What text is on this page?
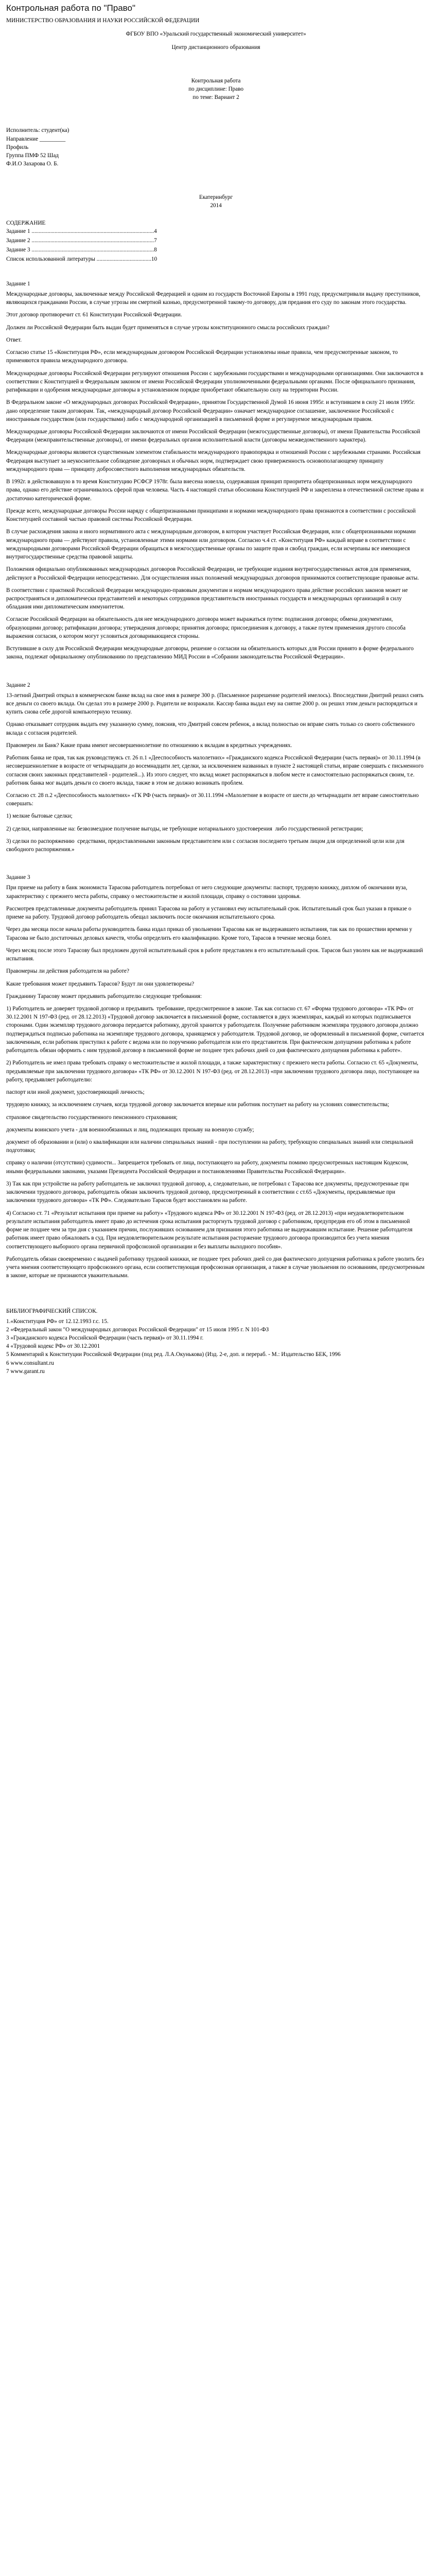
Контрольная работа по "Право"

МИНИСТЕРСТВО ОБРАЗОВАНИЯ И НАУКИ РОССИЙСКОЙ ФЕДЕРАЦИИ

ФГБОУ ВПО «Уральский государственный экономический университет»

Центр дистанционного образования

Контрольная работа

по дисциплине: Право

по теме: Вариант 2

Исполнитель: студент(ка)

Направление _________

Профиль

Группа ПМФ 52 Шад

Ф.И.О Захарова О. Б.

Екатеринбург

2014

СОДЕРЖАНИЕ

Задание 1 .....................................................................................4
Задание 2 .....................................................................................7
Задание 3 .....................................................................................8
Список использованной литературы ......................................10

Задание 1

Международные договоры, заключенные между Российской Федерацией и одним из государств Восточной Европы в 1991 году, предусматривали выдачу преступников, являющихся гражданами России, в случае угрозы им смертной казнью, предусмотренной такому-то договору, для предания его суду по законам этого государства.

Этот договор противоречит ст. 61 Конституции Российской Федерации.

Должен ли Российской Федерации быть выдан будет применяться в случае угрозы конституционного смысла российских граждан?

Ответ.

Согласно статье 15 «Конституция РФ», если международным договором Российской Федерации установлены иные правила, чем предусмотренные законом, то применяются правила международного договора.

Международные договоры Российской Федерации регулируют отношения России с зарубежными государствами и международными организациями. Они заключаются в соответствии с Конституцией и Федеральным законом от имени Российской Федерации уполномоченными федеральными органами. После официального признания, ратификации и одобрения международные договоры в установленном порядке приобретают обязательную силу на территории России.

В Федеральном законе «О международных договорах Российской Федерации», принятом Государственной Думой 16 июня 1995г. и вступившем в силу 21 июля 1995г. дано определение таким договорам. Так, «международный договор Российской Федерации» означает международное соглашение, заключенное Российской с иностранным государством (или государствами) либо с международной организацией в письменной форме и регулируемое международным правом.

Международные договоры Российской Федерации заключаются от имени Российской Федерации (межгосударственные договоры), от имени Правительства Российской Федерации (межправительственные договоры), от имени федеральных органов исполнительной власти (договоры межведомственного характера).

Международные договоры являются существенным элементом стабильности международного правопорядка и отношений России с зарубежными странами. Российская Федерация выступает за неукоснительное соблюдение договорных и обычных норм, подтверждает свою приверженность основополагающему принципу международного права — принципу добросовестного выполнения международных обязательств.

В 1992г. в действовавшую в то время Конституцию РСФСР 1978г. была внесена новелла, содержавшая принцип приоритета общепризнанных норм международного права, однако его действие ограничивалось сферой прав человека. Часть 4 настоящей статьи обоснована Конституцией РФ и закреплена в отечественной системе права и достаточно категорической форме.

Прежде всего, международные договоры России наряду с общепризнанными принципами и нормами международного права признаются в соответствии с российской Конституцией составной частью правовой системы Российской Федерации.

В случае расхождения закона и иного нормативного акта с международным договором, в котором участвует Российская Федерация, или с общепризнанными нормами международного права — действуют правила, установленные этими нормами или договором. Согласно ч.4 ст. «Конституция РФ» каждый вправе в соответствии с международными договорами Российской Федерации обращаться в межгосударственные органы по защите прав и свобод граждан, если исчерпаны все имеющиеся внутригосударственные средства правовой защиты.

Положения официально опубликованных международных договоров Российской Федерации, не требующие издания внутригосударственных актов для применения, действуют в Российской Федерации непосредственно. Для осуществления иных положений международных договоров принимаются соответствующие правовые акты.

В соответствии с практикой Российской Федерации международно-правовым документам и нормам международного права действие российских законов может не распространяться и дипломатически представителей и некоторых сотрудников представительств иностранных государств и международных организаций в силу обладания ими дипломатическим иммунитетом.

Согласие Российской Федерации на обязательность для нее международного договора может выражаться путем: подписания договора; обмена документами, образующими договор; ратификации договора; утверждения договора; принятия договора; присоединения к договору, а также путем применения другого способа выражения согласия, о котором могут условиться договаривающиеся стороны.

Вступившие в силу для Российской Федерации международные договоры, решение о согласии на обязательность которых для России принято в форме федерального закона, подлежат официальному опубликованию по представлению МИД России в «Собрании законодательства Российской Федерации».

Задание 2

13-летний Дмитрий открыл в коммерческом банке вклад на свое имя в размере 300 р. (Письменное разрешение родителей имелось). Впоследствии Дмитрий решил снять все деньги со своего вклада. Он сделал это в размере 2000 р. Родители не возражали. Кассир банка выдал ему на снятие 2000 р. он решил этим деньги распорядиться и купить снова себе дорогой компьютерную технику.

Однако отказывает сотрудник выдать ему указанную сумму, пояснив, что Дмитрий совсем ребенок, а вклад полностью он вправе снять только со своего собственного вклада с согласия родителей.

Правомерен ли Банк? Какие права имеют несовершеннолетние по отношению к вкладам в кредитных учреждениях.

Работник банка не прав, так как руководствуясь ст. 26 п.1 «Дееспособность малолетних» «Гражданского кодекса Российской Федерации (часть первая)» от 30.11.1994 (в несовершеннолетние в возрасте от четырнадцати до восемнадцати лет, сделки, за исключением названных в пункте 2 настоящей статьи, вправе совершать с письменного согласия своих законных представителей - родителей...). Из этого следует, что вклад может распоряжаться в любом месте и самостоятельно распоряжаться своим, т.е. работник банка мог выдать деньги со своего вклада, также в этом не должно возникать проблем.

Согласно ст. 28 п.2 «Дееспособность малолетних» «ГК РФ (часть первая)» от 30.11.1994 «Малолетние в возрасте от шести до четырнадцати лет вправе самостоятельно совершать:

1) мелкие бытовые сделки;

2) сделки, направленные на: безвозмездное получение выгоды, не требующие нотариального удостоверения  либо государственной регистрации;

3) сделки по распоряжению  средствами, предоставленными законным представителем или с согласия последнего третьим лицом для определенной цели или для  свободного распоряжения.»

Задание 3

При приеме на работу в банк экономиста Тарасова работодатель потребовал от него следующие документы: паспорт, трудовую книжку, диплом об окончании вуза, характеристику с прежнего места работы, справку о местожительстве и жилой площади, справку о состоянии здоровья.

Рассмотрев представленные документы работодатель принял Тарасова на работу и установил ему испытательный срок. Испытательный срок был указан в приказе о приеме на работу. Трудовой договор работодатель обещал заключить после окончания испытательного срока.

Через два месяца после начала работы руководитель банка издал приказ об увольнении Тарасова как не выдержавшего испытания, так как по прошествии времени у Тарасова не было достаточных деловых качеств, чтобы определить его квалификацию. Кроме того, Тарасов в течение месяца болел.

Через месяц после этого Тарасову был предложен другой испытательный срок в работе представлен в его испытательный срок. Тарасов был уволен как не выдержавший испытания.

Правомерны ли действия работодателя на работе?

Какие требования может предъявить Тарасов? Будут ли они удовлетворены?

Гражданину Тарасову может предъявить работодателю следующие требования:

1) Работодатель не доверяет трудовой договор и предъявить  требование, предусмотренное в законе. Так как согласно ст. 67 «Форма трудового договора» «ТК РФ» от 30.12.2001 N 197-ФЗ (ред. от 28.12.2013) «Трудовой договор заключается в письменной форме, составляется в двух экземплярах, каждый из которых подписывается сторонами. Один экземпляр трудового договора передается работнику, другой хранится у работодателя. Получение работником экземпляра трудового договора должно подтверждаться подписью работника на экземпляре трудового договора, хранящемся у работодателя. Трудовой договор, не оформленный в письменной форме, считается заключенным, если работник приступил к работе с ведома или по поручению работодателя или его представителя. При фактическом допущении работника к работе работодатель обязан оформить с ним трудовой договор в письменной форме не позднее трех рабочих дней со дня фактического допущения работника к работе».

2) Работодатель не имел права требовать справку о местожительстве и жилой площади, а также характеристику с прежнего места работы. Согласно ст. 65 «Документы, предъявляемые при заключении трудового договора» «ТК РФ» от 30.12.2001 N 197-ФЗ (ред. от 28.12.2013) «при заключении трудового договора лицо, поступающее на работу, предъявляет работодателю:

паспорт или иной документ, удостоверяющий личность;

трудовую книжку, за исключением случаев, когда трудовой договор заключается впервые или работник поступает на работу на условиях совместительства;

страховое свидетельство государственного пенсионного страхования;

документы воинского учета - для военнообязанных и лиц, подлежащих призыву на военную службу;

документ об образовании и (или) о квалификации или наличии специальных знаний - при поступлении на работу, требующую специальных знаний или специальной подготовки;

справку о наличии (отсутствии) судимости... Запрещается требовать от лица, поступающего на работу, документы помимо предусмотренных настоящим Кодексом, иными федеральными законами, указами Президента Российской Федерации и постановлениями Правительства Российской Федерации».

3) Так как при устройстве на работу работодатель не заключил трудовой договор, а, следовательно, не потребовал с Тарасова все документы, предусмотренные при заключении трудового договора, работодатель обязан заключить трудовой договор, предусмотренный в соответствии с ст.65 «Документы, предъявляемые при заключении трудового договора» «ТК РФ». Следовательно Тарасов будет восстановлен на работе.

4) Согласно ст. 71 «Результат испытания при приеме на работу» «Трудового кодекса РФ» от 30.12.2001 N 197-ФЗ (ред. от 28.12.2013) «при неудовлетворительном результате испытания работодатель имеет право до истечения срока испытания расторгнуть трудовой договор с работником, предупредив его об этом в письменной форме не позднее чем за три дня с указанием причин, послуживших основанием для признания этого работника не выдержавшим испытание. Решение работодателя работник имеет право обжаловать в суд. При неудовлетворительном результате испытания расторжение трудового договора производится без учета мнения соответствующего выборного органа первичной профсоюзной организации и без выплаты выходного пособия».

Работодатель обязан своевременно с выдачей работнику трудовой книжки, не позднее трех рабочих дней со дня фактического допущения работника к работе уволить без учета мнения соответствующего профсоюзного органа, если соответствующая профсоюзная организация, а также в случае увольнения по основаниям, предусмотренным в законе, которые не признаются уважительными.

БИБЛИОГРАФИЧЕСКИЙ СПИСОК.

1.«Конституция РФ» от 12.12.1993 г.с. 15.

2 «Федеральный закон "О международных договорах Российской Федерации" от 15 июля 1995 г. N 101-ФЗ

3 «Гражданского кодекса Российской Федерации (часть первая)» от 30.11.1994 г.

4 «Трудовой кодекс РФ» от 30.12.2001

5 Комментарий к Конституции Российской Федерации (под ред. Л.А.Окунькова) (Изд. 2-е, доп. и перераб. - М.: Издательство БЕК, 1996

6 www.consultant.ru

7 www.garant.ru
